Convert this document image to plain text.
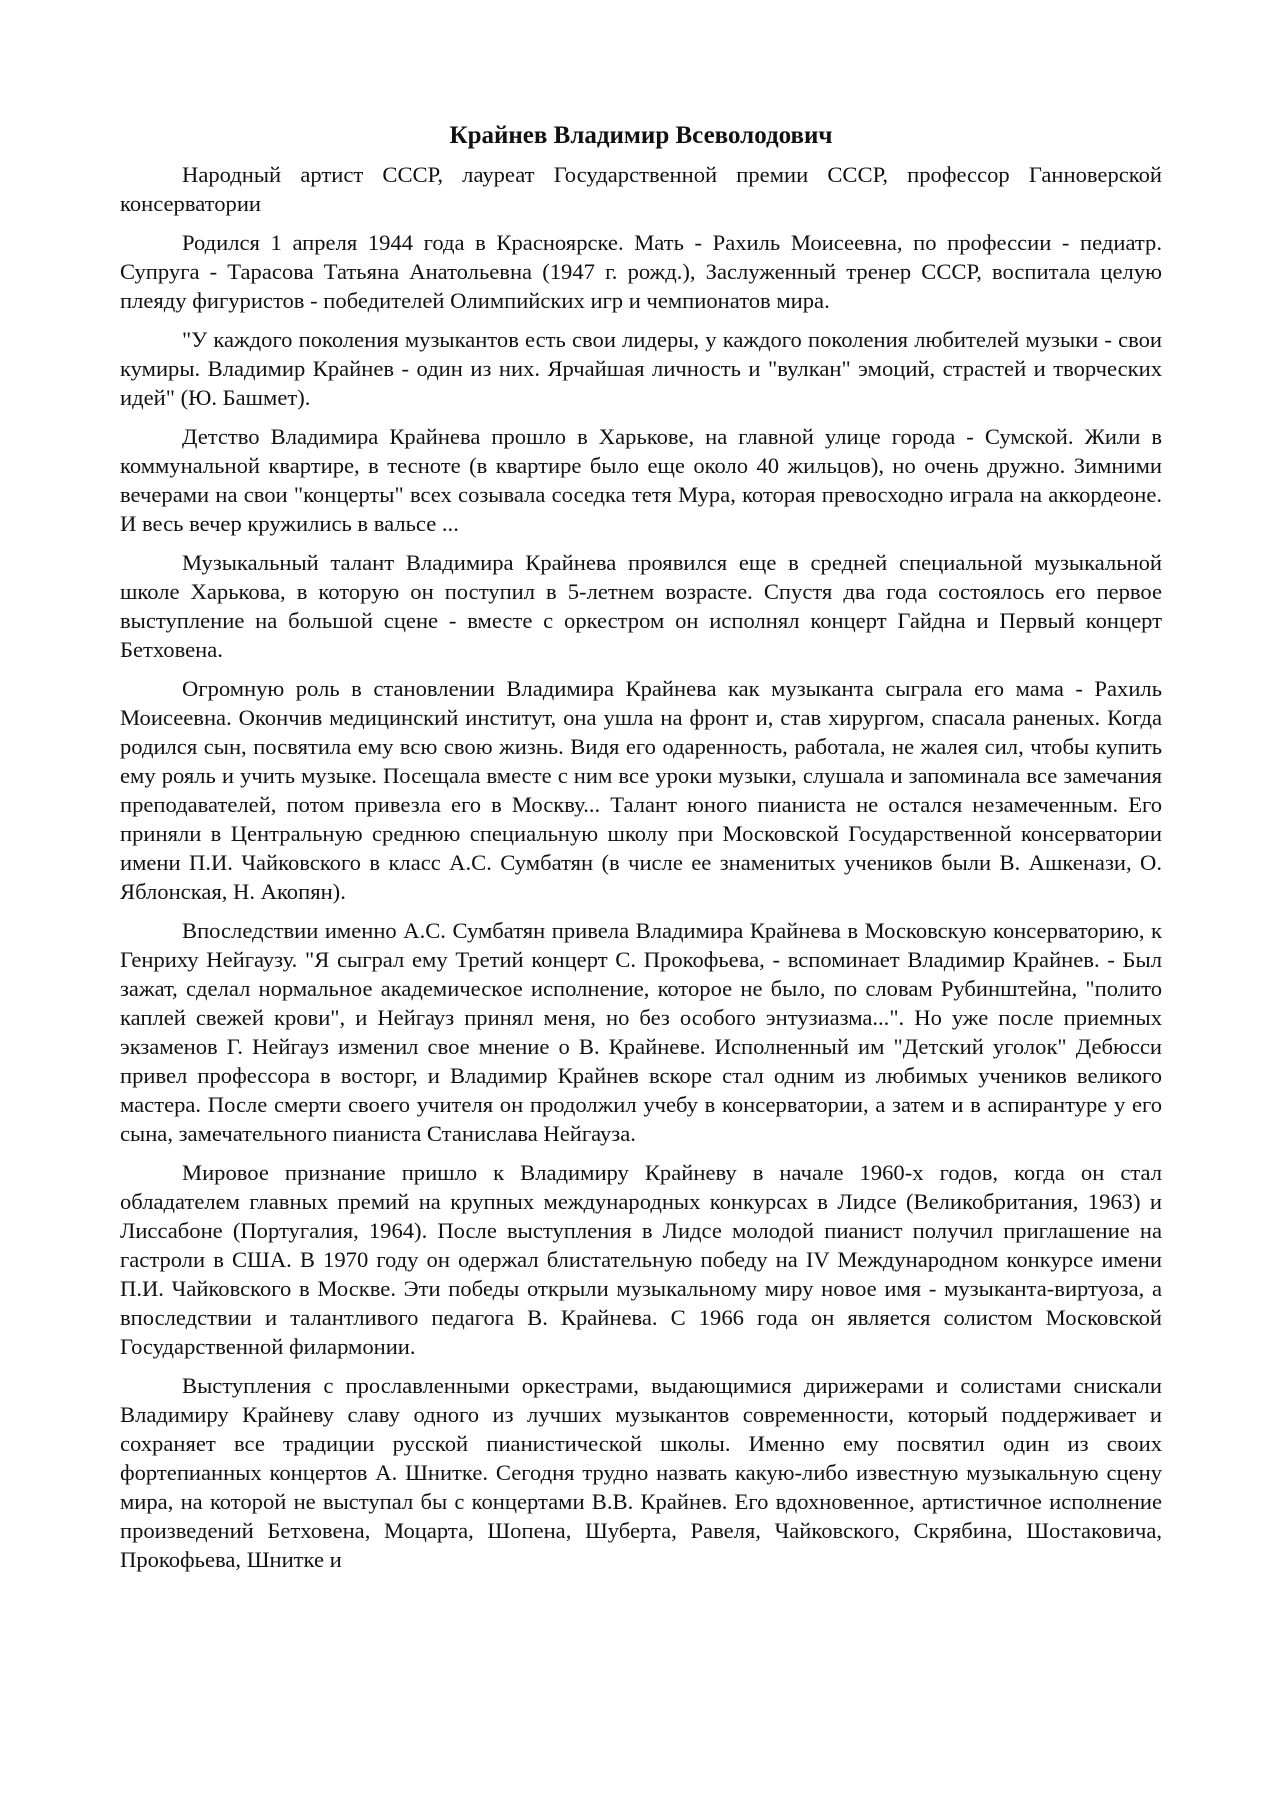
Крайнев Владимир Всеволодович

Народный артист СССР, лауреат Государственной премии СССР, профессор Ганноверской консерватории

Родился 1 апреля 1944 года в Красноярске. Мать - Рахиль Моисеевна, по профессии - педиатр. Супруга - Тарасова Татьяна Анатольевна (1947 г. рожд.), Заслуженный тренер СССР, воспитала целую плеяду фигуристов - победителей Олимпийских игр и чемпионатов мира.

"У каждого поколения музыкантов есть свои лидеры, у каждого поколения любителей музыки - свои кумиры. Владимир Крайнев - один из них. Ярчайшая личность и "вулкан" эмоций, страстей и творческих идей" (Ю. Башмет).

Детство Владимира Крайнева прошло в Харькове, на главной улице города - Сумской. Жили в коммунальной квартире, в тесноте (в квартире было еще около 40 жильцов), но очень дружно. Зимними вечерами на свои "концерты" всех созывала соседка тетя Мура, которая превосходно играла на аккордеоне. И весь вечер кружились в вальсе ...

Музыкальный талант Владимира Крайнева проявился еще в средней специальной музыкальной школе Харькова, в которую он поступил в 5-летнем возрасте. Спустя два года состоялось его первое выступление на большой сцене - вместе с оркестром он исполнял концерт Гайдна и Первый концерт Бетховена.

Огромную роль в становлении Владимира Крайнева как музыканта сыграла его мама - Рахиль Моисеевна. Окончив медицинский институт, она ушла на фронт и, став хирургом, спасала раненых. Когда родился сын, посвятила ему всю свою жизнь. Видя его одаренность, работала, не жалея сил, чтобы купить ему рояль и учить музыке. Посещала вместе с ним все уроки музыки, слушала и запоминала все замечания преподавателей, потом привезла его в Москву... Талант юного пианиста не остался незамеченным. Его приняли в Центральную среднюю специальную школу при Московской Государственной консерватории имени П.И. Чайковского в класс А.С. Сумбатян (в числе ее знаменитых учеников были В. Ашкенази, О. Яблонская, Н. Акопян).

Впоследствии именно А.С. Сумбатян привела Владимира Крайнева в Московскую консерваторию, к Генриху Нейгаузу. "Я сыграл ему Третий концерт С. Прокофьева, - вспоминает Владимир Крайнев. - Был зажат, сделал нормальное академическое исполнение, которое не было, по словам Рубинштейна, "полито каплей свежей крови", и Нейгауз принял меня, но без особого энтузиазма...". Но уже после приемных экзаменов Г. Нейгауз изменил свое мнение о В. Крайневе. Исполненный им "Детский уголок" Дебюсси привел профессора в восторг, и Владимир Крайнев вскоре стал одним из любимых учеников великого мастера. После смерти своего учителя он продолжил учебу в консерватории, а затем и в аспирантуре у его сына, замечательного пианиста Станислава Нейгауза.

Мировое признание пришло к Владимиру Крайневу в начале 1960-х годов, когда он стал обладателем главных премий на крупных международных конкурсах в Лидсе (Великобритания, 1963) и Лиссабоне (Португалия, 1964). После выступления в Лидсе молодой пианист получил приглашение на гастроли в США. В 1970 году он одержал блистательную победу на IV Международном конкурсе имени П.И. Чайковского в Москве. Эти победы открыли музыкальному миру новое имя - музыканта-виртуоза, а впоследствии и талантливого педагога В. Крайнева. С 1966 года он является солистом Московской Государственной филармонии.

Выступления с прославленными оркестрами, выдающимися дирижерами и солистами снискали Владимиру Крайневу славу одного из лучших музыкантов современности, который поддерживает и сохраняет все традиции русской пианистической школы. Именно ему посвятил один из своих фортепианных концертов А. Шнитке. Сегодня трудно назвать какую-либо известную музыкальную сцену мира, на которой не выступал бы с концертами В.В. Крайнев. Его вдохновенное, артистичное исполнение произведений Бетховена, Моцарта, Шопена, Шуберта, Равеля, Чайковского, Скрябина, Шостаковича, Прокофьева, Шнитке и
